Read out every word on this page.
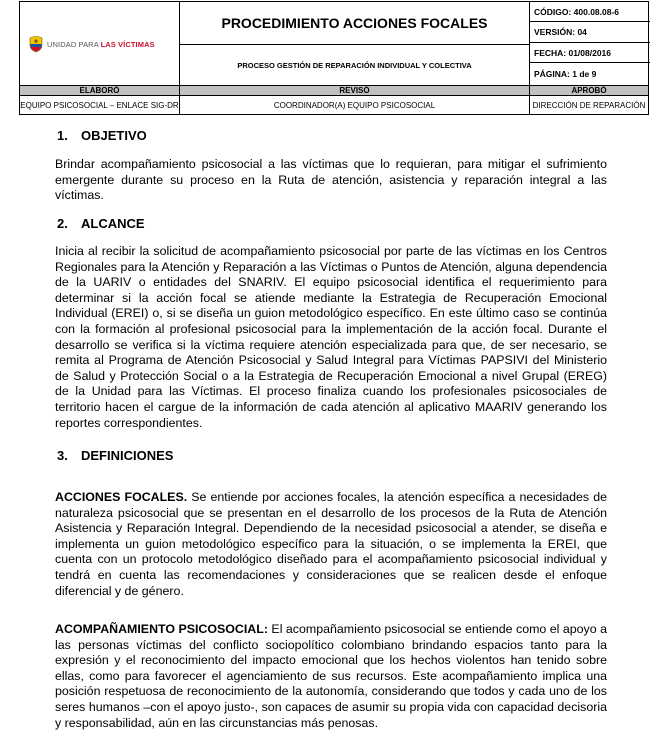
UNIDAD PARA LAS VÍCTIMAS
PROCEDIMIENTO ACCIONES FOCALES
PROCESO GESTIÓN DE REPARACIÓN INDIVIDUAL Y COLECTIVA
CÓDIGO: 400.08.08-6
VERSIÓN: 04
FECHA: 01/08/2016
PÁGINA: 1 de 9
ELABORÓ	REVISÓ	APROBÓ
EQUIPO PSICOSOCIAL – ENLACE SIG-DR	COORDINADOR(A) EQUIPO PSICOSOCIAL	DIRECCIÓN DE REPARACIÓN
1. OBJETIVO
Brindar acompañamiento psicosocial a las víctimas que lo requieran, para mitigar el sufrimiento emergente durante su proceso en la Ruta de atención, asistencia y reparación integral a las víctimas.
2. ALCANCE
Inicia al recibir la solicitud de acompañamiento psicosocial por parte de las víctimas en los Centros Regionales para la Atención y Reparación a las Víctimas o Puntos de Atención, alguna dependencia de la UARIV o entidades del SNARIV. El equipo psicosocial identifica el requerimiento para determinar si la acción focal se atiende mediante la Estrategia de Recuperación Emocional Individual (EREI) o, si se diseña un guion metodológico específico. En este último caso se continúa con la formación al profesional psicosocial para la implementación de la acción focal. Durante el desarrollo se verifica si la víctima requiere atención especializada para que, de ser necesario, se remita al Programa de Atención Psicosocial y Salud Integral para Víctimas PAPSIVI del Ministerio de Salud y Protección Social o a la Estrategia de Recuperación Emocional a nivel Grupal (EREG) de la Unidad para las Víctimas. El proceso finaliza cuando los profesionales psicosociales de territorio hacen el cargue de la información de cada atención al aplicativo MAARIV generando los reportes correspondientes.
3. DEFINICIONES
ACCIONES FOCALES. Se entiende por acciones focales, la atención específica a necesidades de naturaleza psicosocial que se presentan en el desarrollo de los procesos de la Ruta de Atención Asistencia y Reparación Integral. Dependiendo de la necesidad psicosocial a atender, se diseña e implementa un guion metodológico específico para la situación, o se implementa la EREI, que cuenta con un protocolo metodológico diseñado para el acompañamiento psicosocial individual y tendrá en cuenta las recomendaciones y consideraciones que se realicen desde el enfoque diferencial y de género.
ACOMPAÑAMIENTO PSICOSOCIAL: El acompañamiento psicosocial se entiende como el apoyo a las personas víctimas del conflicto sociopolítico colombiano brindando espacios tanto para la expresión y el reconocimiento del impacto emocional que los hechos violentos han tenido sobre ellas, como para favorecer el agenciamiento de sus recursos. Este acompañamiento implica una posición respetuosa de reconocimiento de la autonomía, considerando que todos y cada uno de los seres humanos –con el apoyo justo-, son capaces de asumir su propia vida con capacidad decisoria y responsabilidad, aún en las circunstancias más penosas.
